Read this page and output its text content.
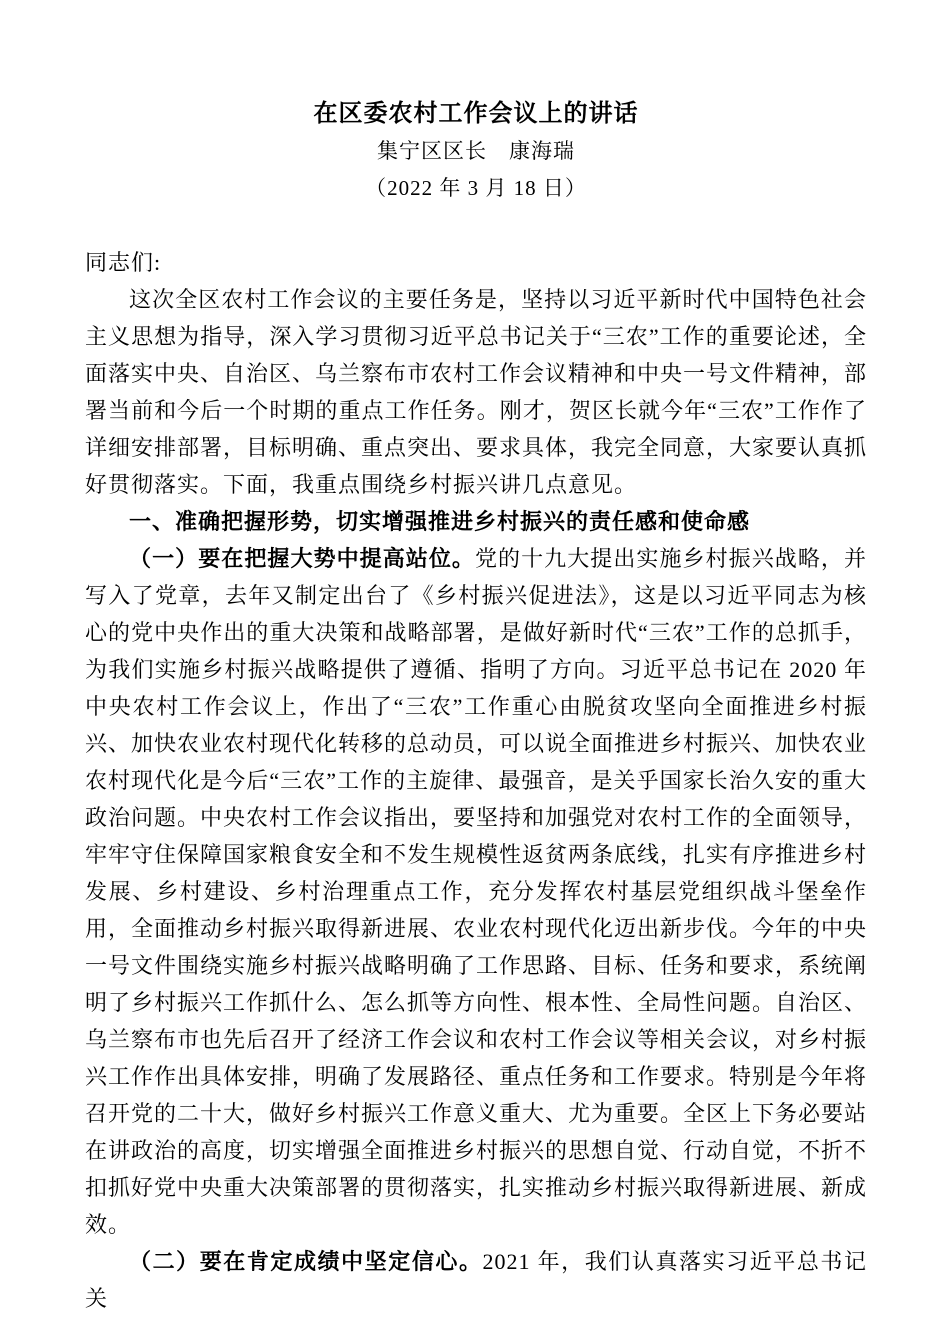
在区委农村工作会议上的讲话
集宁区区长　康海瑞
（2022 年 3 月 18 日）
同志们:

这次全区农村工作会议的主要任务是，坚持以习近平新时代中国特色社会主义思想为指导，深入学习贯彻习近平总书记关于“三农”工作的重要论述，全面落实中央、自治区、乌兰察布市农村工作会议精神和中央一号文件精神，部署当前和今后一个时期的重点工作任务。刚才，贺区长就今年“三农”工作作了详细安排部署，目标明确、重点突出、要求具体，我完全同意，大家要认真抓好贯彻落实。下面，我重点围绕乡村振兴讲几点意见。

一、准确把握形势，切实增强推进乡村振兴的责任感和使命感

（一）要在把握大势中提高站位。党的十九大提出实施乡村振兴战略，并写入了党章，去年又制定出台了《乡村振兴促进法》，这是以习近平同志为核心的党中央作出的重大决策和战略部署，是做好新时代“三农”工作的总抓手，为我们实施乡村振兴战略提供了遵循、指明了方向。习近平总书记在 2020 年中央农村工作会议上，作出了“三农”工作重心由脱贫攻坚向全面推进乡村振兴、加快农业农村现代化转移的总动员，可以说全面推进乡村振兴、加快农业农村现代化是今后“三农”工作的主旋律、最强音，是关乎国家长治久安的重大政治问题。中央农村工作会议指出，要坚持和加强党对农村工作的全面领导，牢牢守住保障国家粮食安全和不发生规模性返贫两条底线，扎实有序推进乡村发展、乡村建设、乡村治理重点工作，充分发挥农村基层党组织战斗堡垒作用，全面推动乡村振兴取得新进展、农业农村现代化迈出新步伐。今年的中央一号文件围绕实施乡村振兴战略明确了工作思路、目标、任务和要求，系统阐明了乡村振兴工作抓什么、怎么抓等方向性、根本性、全局性问题。自治区、乌兰察布市也先后召开了经济工作会议和农村工作会议等相关会议，对乡村振兴工作作出具体安排，明确了发展路径、重点任务和工作要求。特别是今年将召开党的二十大，做好乡村振兴工作意义重大、尤为重要。全区上下务必要站在讲政治的高度，切实增强全面推进乡村振兴的思想自觉、行动自觉，不折不扣抓好党中央重大决策部署的贯彻落实，扎实推动乡村振兴取得新进展、新成效。

（二）要在肯定成绩中坚定信心。2021 年，我们认真落实习近平总书记关
